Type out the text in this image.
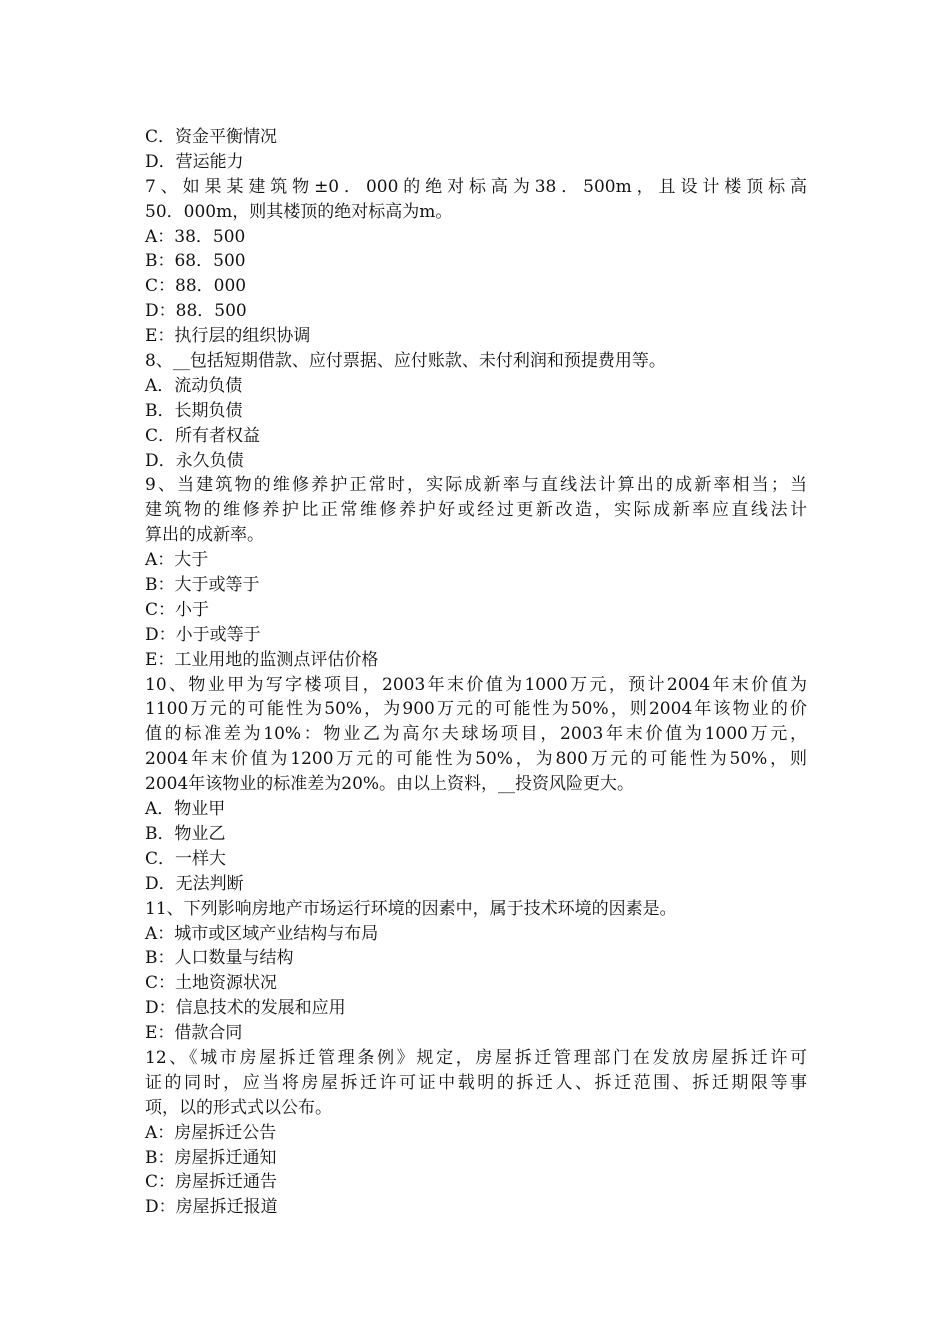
C．资金平衡情况
D．营运能力
7、如果某建筑物±0．000的绝对标高为38．500m，且设计楼顶标高
50．000m，则其楼顶的绝对标高为m。
A：38．500
B：68．500
C：88．000
D：88．500
E：执行层的组织协调
8、__包括短期借款、应付票据、应付账款、未付利润和预提费用等。
A．流动负债
B．长期负债
C．所有者权益
D．永久负债
9、当建筑物的维修养护正常时，实际成新率与直线法计算出的成新率相当；当
建筑物的维修养护比正常维修养护好或经过更新改造，实际成新率应直线法计
算出的成新率。
A：大于
B：大于或等于
C：小于
D：小于或等于
E：工业用地的监测点评估价格
10、物业甲为写字楼项目，2003年末价值为1000万元，预计2004年末价值为
1100万元的可能性为50%，为900万元的可能性为50%，则2004年该物业的价
值的标准差为10%：物业乙为高尔夫球场项目，2003年末价值为1000万元，
2004年末价值为1200万元的可能性为50%，为800万元的可能性为50%，则
2004年该物业的标准差为20%。由以上资料，__投资风险更大。
A．物业甲
B．物业乙
C．一样大
D．无法判断
11、下列影响房地产市场运行环境的因素中，属于技术环境的因素是。
A：城市或区域产业结构与布局
B：人口数量与结构
C：土地资源状况
D：信息技术的发展和应用
E：借款合同
12、《城市房屋拆迁管理条例》规定，房屋拆迁管理部门在发放房屋拆迁许可
证的同时，应当将房屋拆迁许可证中载明的拆迁人、拆迁范围、拆迁期限等事
项，以的形式式以公布。
A：房屋拆迁公告
B：房屋拆迁通知
C：房屋拆迁通告
D：房屋拆迁报道
